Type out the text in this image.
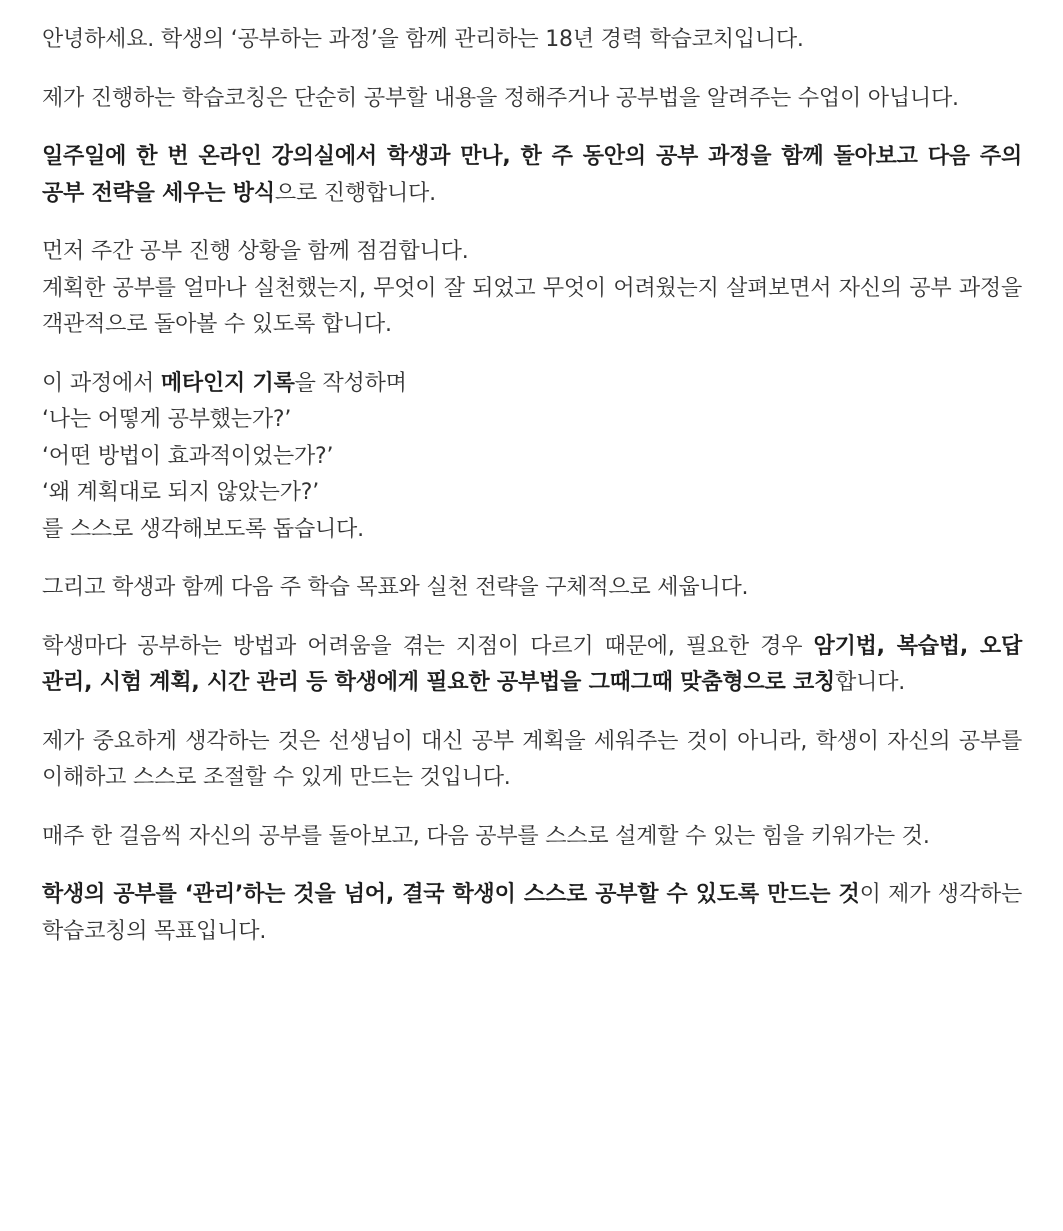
안녕하세요. 학생의 ‘공부하는 과정’을 함께 관리하는 18년 경력 학습코치입니다.
제가 진행하는 학습코칭은 단순히 공부할 내용을 정해주거나 공부법을 알려주는 수업이 아닙니다.
일주일에 한 번 온라인 강의실에서 학생과 만나, 한 주 동안의 공부 과정을 함께 돌아보고 다음 주의 공부 전략을 세우는 방식으로 진행합니다.
먼저 주간 공부 진행 상황을 함께 점검합니다.
계획한 공부를 얼마나 실천했는지, 무엇이 잘 되었고 무엇이 어려웠는지 살펴보면서 자신의 공부 과정을 객관적으로 돌아볼 수 있도록 합니다.
이 과정에서 메타인지 기록을 작성하며
‘나는 어떻게 공부했는가?’
‘어떤 방법이 효과적이었는가?’
‘왜 계획대로 되지 않았는가?’
를 스스로 생각해보도록 돕습니다.
그리고 학생과 함께 다음 주 학습 목표와 실천 전략을 구체적으로 세웁니다.
학생마다 공부하는 방법과 어려움을 겪는 지점이 다르기 때문에, 필요한 경우 암기법, 복습법, 오답 관리, 시험 계획, 시간 관리 등 학생에게 필요한 공부법을 그때그때 맞춤형으로 코칭합니다.
제가 중요하게 생각하는 것은 선생님이 대신 공부 계획을 세워주는 것이 아니라, 학생이 자신의 공부를 이해하고 스스로 조절할 수 있게 만드는 것입니다.
매주 한 걸음씩 자신의 공부를 돌아보고, 다음 공부를 스스로 설계할 수 있는 힘을 키워가는 것.
학생의 공부를 ‘관리’하는 것을 넘어, 결국 학생이 스스로 공부할 수 있도록 만드는 것이 제가 생각하는 학습코칭의 목표입니다.
